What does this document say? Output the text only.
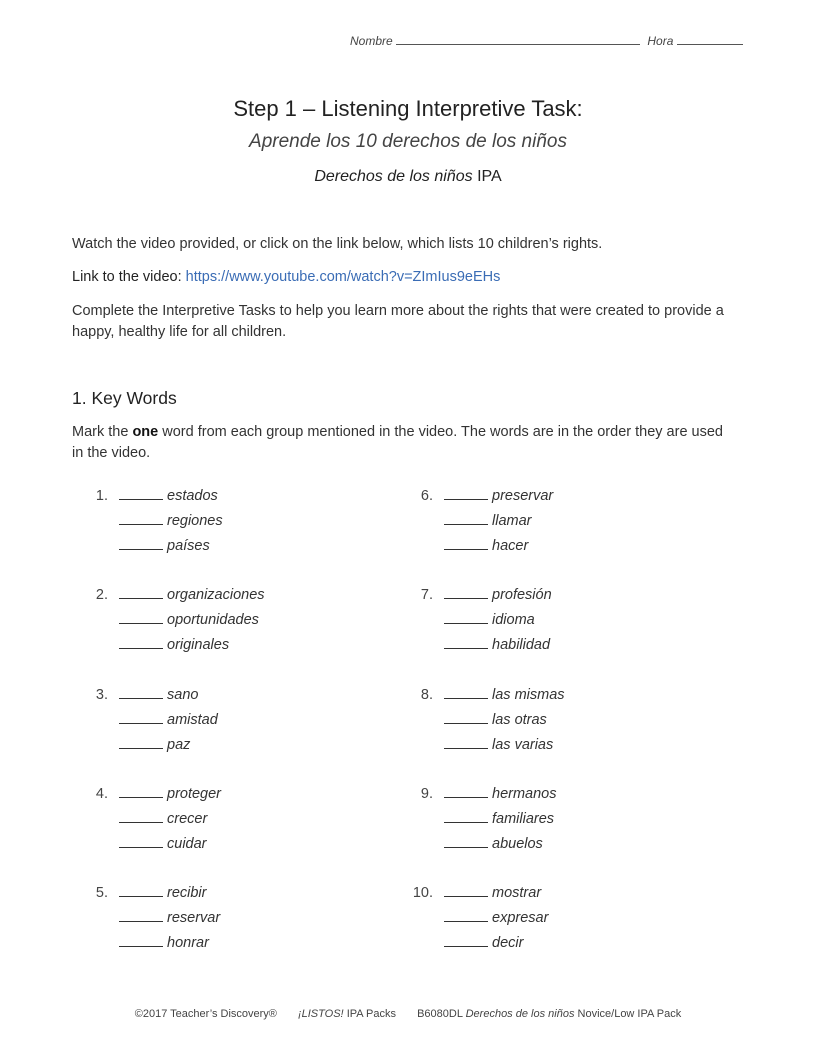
Nombre	Hora
Step 1 – Listening Interpretive Task:
Aprende los 10 derechos de los niños
Derechos de los niños IPA
Watch the video provided, or click on the link below, which lists 10 children’s rights.
Link to the video: https://www.youtube.com/watch?v=ZImIus9eEHs
Complete the Interpretive Tasks to help you learn more about the rights that were created to provide a happy, healthy life for all children.
1. Key Words
Mark the one word from each group mentioned in the video. The words are in the order they are used in the video.
1.	estados
regiones
países
2.	organizaciones
oportunidades
originales
3.	sano
amistad
paz
4.	proteger
crecer
cuidar
5.	recibir
reservar
honrar
6.	preservar
llamar
hacer
7.	profesión
idioma
habilidad
8.	las mismas
las otras
las varias
9.	hermanos
familiares
abuelos
10.	mostrar
expresar
decir
©2017 Teacher’s Discovery® ¡LISTOS! IPA Packs B6080DL Derechos de los niños Novice/Low IPA Pack
